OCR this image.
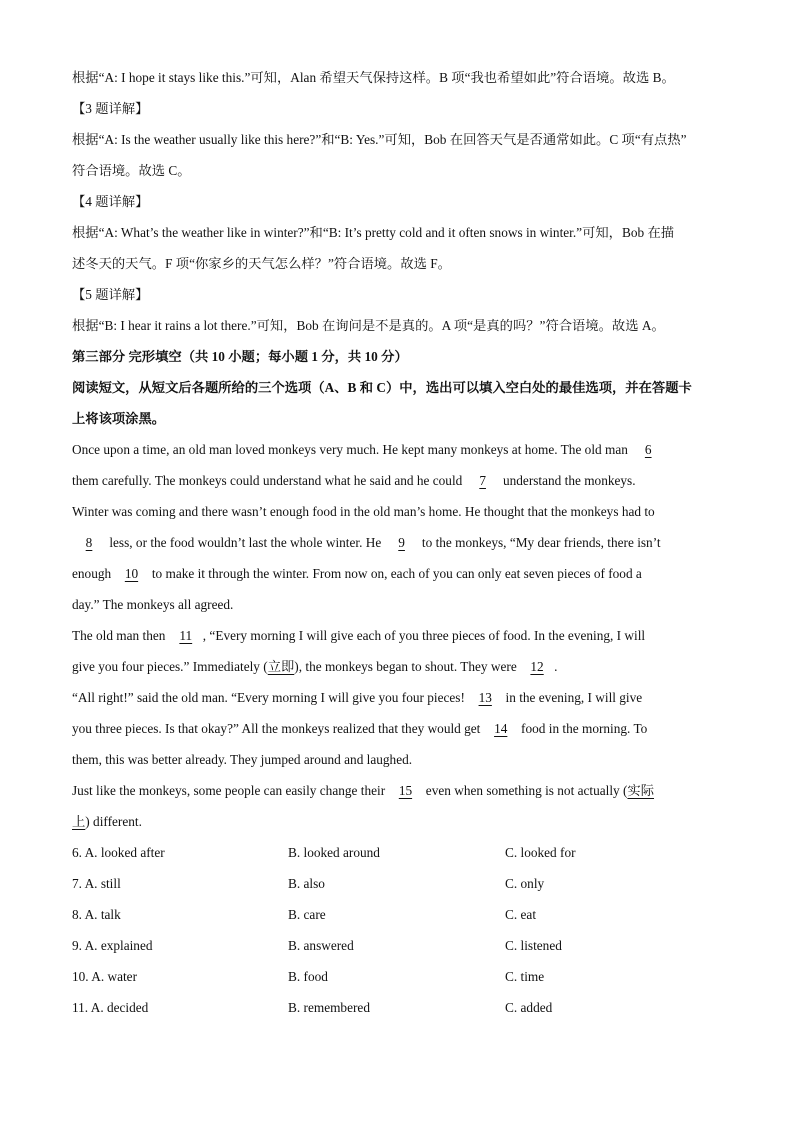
根据“A: I hope it stays like this.”可知，Alan 希望天气保持这样。B 项“我也希望如此”符合语境。故选 B。
【3 题详解】
根据“A: Is the weather usually like this here?”和“B: Yes.”可知，Bob 在回答天气是否通常如此。C 项“有点热”
符合语境。故选 C。
【4 题详解】
根据“A: What’s the weather like in winter?”和“B: It’s pretty cold and it often snows in winter.”可知，Bob 在描
述冬天的天气。F 项“你家乡的天气怎么样？”符合语境。故选 F。
【5 题详解】
根据“B: I hear it rains a lot there.”可知，Bob 在询问是不是真的。A 项“是真的吗？”符合语境。故选 A。
第三部分 完形填空（共 10 小题；每小题 1 分，共 10 分）
阅读短文，从短文后各题所给的三个选项（A、B 和 C）中，选出可以填入空白处的最佳选项，并在答题卡
上将该项涂黑。
Once upon a time, an old man loved monkeys very much. He kept many monkeys at home. The old man 6
them carefully. The monkeys could understand what he said and he could 7 understand the monkeys.
Winter was coming and there wasn’t enough food in the old man’s home. He thought that the monkeys had to
8 less, or the food wouldn’t last the whole winter. He 9 to the monkeys, “My dear friends, there isn’t
enough 10 to make it through the winter. From now on, each of you can only eat seven pieces of food a
day.” The monkeys all agreed.
The old man then 11 , “Every morning I will give each of you three pieces of food. In the evening, I will
give you four pieces.” Immediately (立即), the monkeys began to shout. They were 12 .
“All right!” said the old man. “Every morning I will give you four pieces! 13 in the evening, I will give
you three pieces. Is that okay?” All the monkeys realized that they would get 14 food in the morning. To
them, this was better already. They jumped around and laughed.
Just like the monkeys, some people can easily change their 15 even when something is not actually (实际
上) different.
6. A. looked after	B. looked around	C. looked for
7. A. still	B. also	C. only
8. A. talk	B. care	C. eat
9. A. explained	B. answered	C. listened
10. A. water	B. food	C. time
11. A. decided	B. remembered	C. added
